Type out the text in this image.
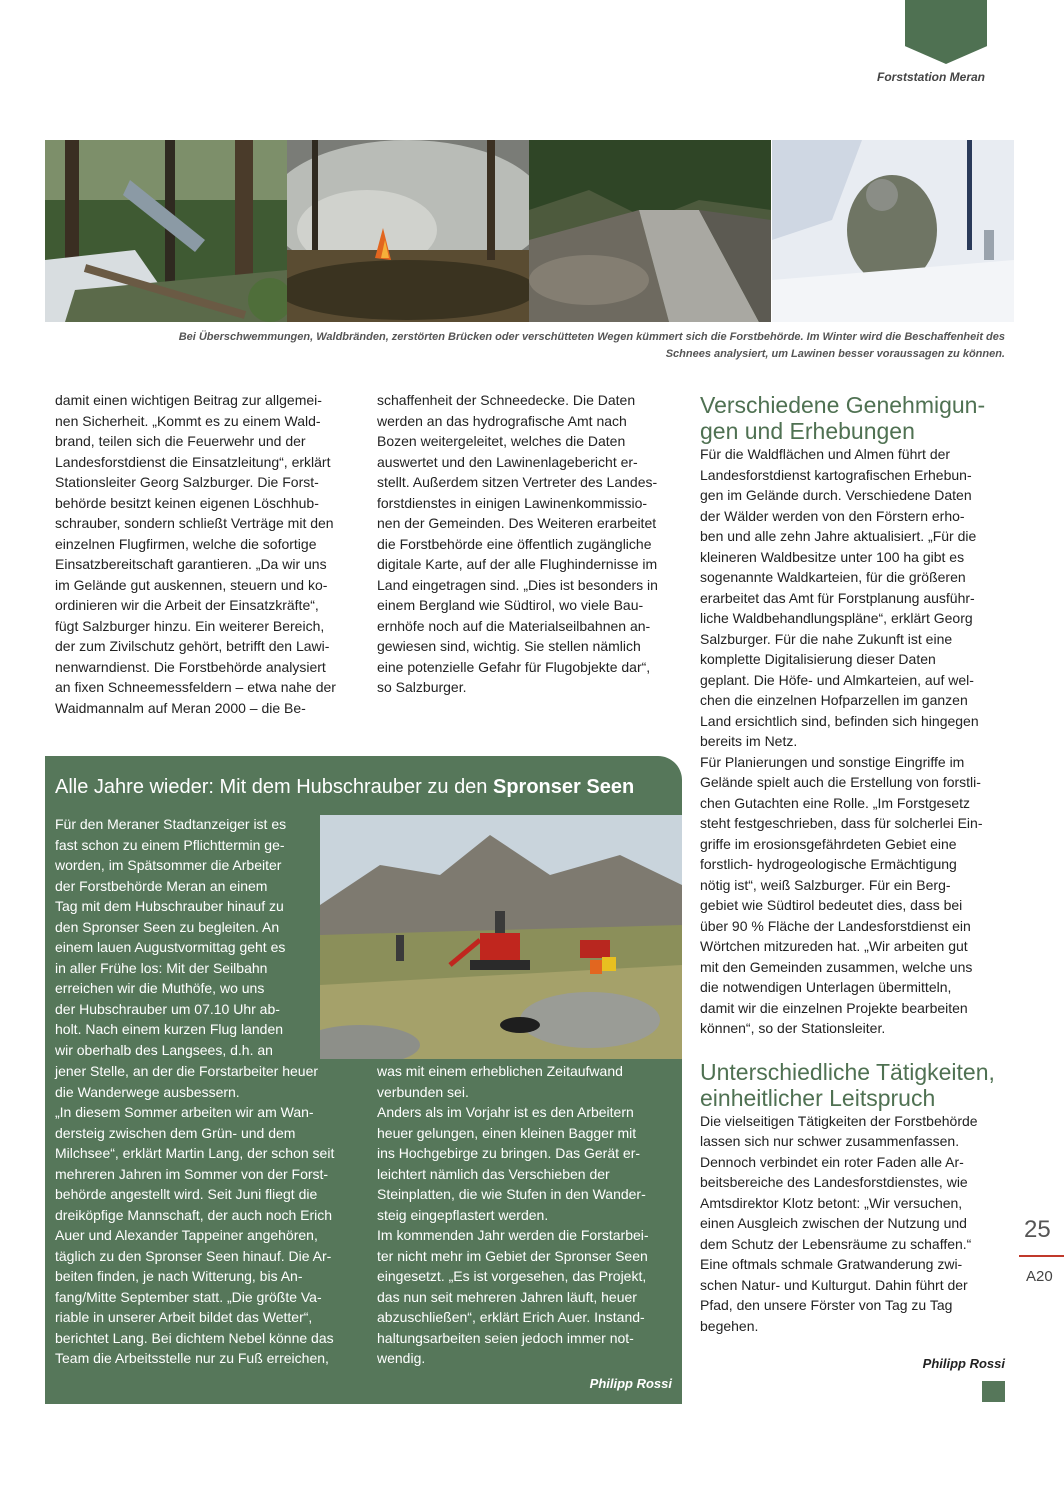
Forststation Meran
Bei Überschwemmungen, Waldbränden, zerstörten Brücken oder verschütteten Wegen kümmert sich die Forstbehörde. Im Winter wird die Beschaffenheit des
Schnees analysiert, um Lawinen besser voraussagen zu können.
damit einen wichtigen Beitrag zur allgemei-
nen Sicherheit. „Kommt es zu einem Wald-
brand, teilen sich die Feuerwehr und der
Landesforstdienst die Einsatzleitung“, erklärt
Stationsleiter Georg Salzburger. Die Forst-
behörde besitzt keinen eigenen Löschhub-
schrauber, sondern schließt Verträge mit den
einzelnen Flugfirmen, welche die sofortige
Einsatzbereitschaft garantieren. „Da wir uns
im Gelände gut auskennen, steuern und ko-
ordinieren wir die Arbeit der Einsatzkräfte“,
fügt Salzburger hinzu. Ein weiterer Bereich,
der zum Zivilschutz gehört, betrifft den Lawi-
nenwarndienst. Die Forstbehörde analysiert
an fixen Schneemessfeldern – etwa nahe der
Waidmannalm auf Meran 2000 – die Be-
schaffenheit der Schneedecke. Die Daten
werden an das hydrografische Amt nach
Bozen weitergeleitet, welches die Daten
auswertet und den Lawinenlagebericht er-
stellt. Außerdem sitzen Vertreter des Landes-
forstdienstes in einigen Lawinenkommissio-
nen der Gemeinden. Des Weiteren erarbeitet
die Forstbehörde eine öffentlich zugängliche
digitale Karte, auf der alle Flughindernisse im
Land eingetragen sind. „Dies ist besonders in
einem Bergland wie Südtirol, wo viele Bau-
ernhöfe noch auf die Materialseilbahnen an-
gewiesen sind, wichtig. Sie stellen nämlich
eine potenzielle Gefahr für Flugobjekte dar“,
so Salzburger.
Verschiedene Genehmigun-
gen und Erhebungen
Für die Waldflächen und Almen führt der
Landesforstdienst kartografischen Erhebun-
gen im Gelände durch. Verschiedene Daten
der Wälder werden von den Förstern erho-
ben und alle zehn Jahre aktualisiert. „Für die
kleineren Waldbesitze unter 100 ha gibt es
sogenannte Waldkarteien, für die größeren
erarbeitet das Amt für Forstplanung ausführ-
liche Waldbehandlungspläne“, erklärt Georg
Salzburger. Für die nahe Zukunft ist eine
komplette Digitalisierung dieser Daten
geplant. Die Höfe- und Almkarteien, auf wel-
chen die einzelnen Hofparzellen im ganzen
Land ersichtlich sind, befinden sich hingegen
bereits im Netz.
Für Planierungen und sonstige Eingriffe im
Gelände spielt auch die Erstellung von forstli-
chen Gutachten eine Rolle. „Im Forstgesetz
steht festgeschrieben, dass für solcherlei Ein-
griffe im erosionsgefährdeten Gebiet eine
forstlich- hydrogeologische Ermächtigung
nötig ist“, weiß Salzburger. Für ein Berg-
gebiet wie Südtirol bedeutet dies, dass bei
über 90 % Fläche der Landesforstdienst ein
Wörtchen mitzureden hat. „Wir arbeiten gut
mit den Gemeinden zusammen, welche uns
die notwendigen Unterlagen übermitteln,
damit wir die einzelnen Projekte bearbeiten
können“, so der Stationsleiter.
Unterschiedliche Tätigkeiten,
einheitlicher Leitspruch
Die vielseitigen Tätigkeiten der Forstbehörde
lassen sich nur schwer zusammenfassen.
Dennoch verbindet ein roter Faden alle Ar-
beitsbereiche des Landesforstdienstes, wie
Amtsdirektor Klotz betont: „Wir versuchen,
einen Ausgleich zwischen der Nutzung und
dem Schutz der Lebensräume zu schaffen.“
Eine oftmals schmale Gratwanderung zwi-
schen Natur- und Kulturgut. Dahin führt der
Pfad, den unsere Förster von Tag zu Tag
begehen.
Philipp Rossi
Alle Jahre wieder: Mit dem Hubschrauber zu den Spronser Seen
Für den Meraner Stadtanzeiger ist es
fast schon zu einem Pflichttermin ge-
worden, im Spätsommer die Arbeiter
der Forstbehörde Meran an einem
Tag mit dem Hubschrauber hinauf zu
den Spronser Seen zu begleiten. An
einem lauen Augustvormittag geht es
in aller Frühe los: Mit der Seilbahn
erreichen wir die Muthöfe, wo uns
der Hubschrauber um 07.10 Uhr ab-
holt. Nach einem kurzen Flug landen
wir oberhalb des Langsees, d.h. an
jener Stelle, an der die Forstarbeiter heuer
die Wanderwege ausbessern.
„In diesem Sommer arbeiten wir am Wan-
dersteig zwischen dem Grün- und dem
Milchsee“, erklärt Martin Lang, der schon seit
mehreren Jahren im Sommer von der Forst-
behörde angestellt wird. Seit Juni fliegt die
dreiköpfige Mannschaft, der auch noch Erich
Auer und Alexander Tappeiner angehören,
täglich zu den Spronser Seen hinauf. Die Ar-
beiten finden, je nach Witterung, bis An-
fang/Mitte September statt. „Die größte Va-
riable in unserer Arbeit bildet das Wetter“,
berichtet Lang. Bei dichtem Nebel könne das
Team die Arbeitsstelle nur zu Fuß erreichen,
was mit einem erheblichen Zeitaufwand
verbunden sei.
Anders als im Vorjahr ist es den Arbeitern
heuer gelungen, einen kleinen Bagger mit
ins Hochgebirge zu bringen. Das Gerät er-
leichtert nämlich das Verschieben der
Steinplatten, die wie Stufen in den Wander-
steig eingepflastert werden.
Im kommenden Jahr werden die Forstarbei-
ter nicht mehr im Gebiet der Spronser Seen
eingesetzt. „Es ist vorgesehen, das Projekt,
das nun seit mehreren Jahren läuft, heuer
abzuschließen“, erklärt Erich Auer. Instand-
haltungsarbeiten seien jedoch immer not-
wendig.
Philipp Rossi
25
A20
